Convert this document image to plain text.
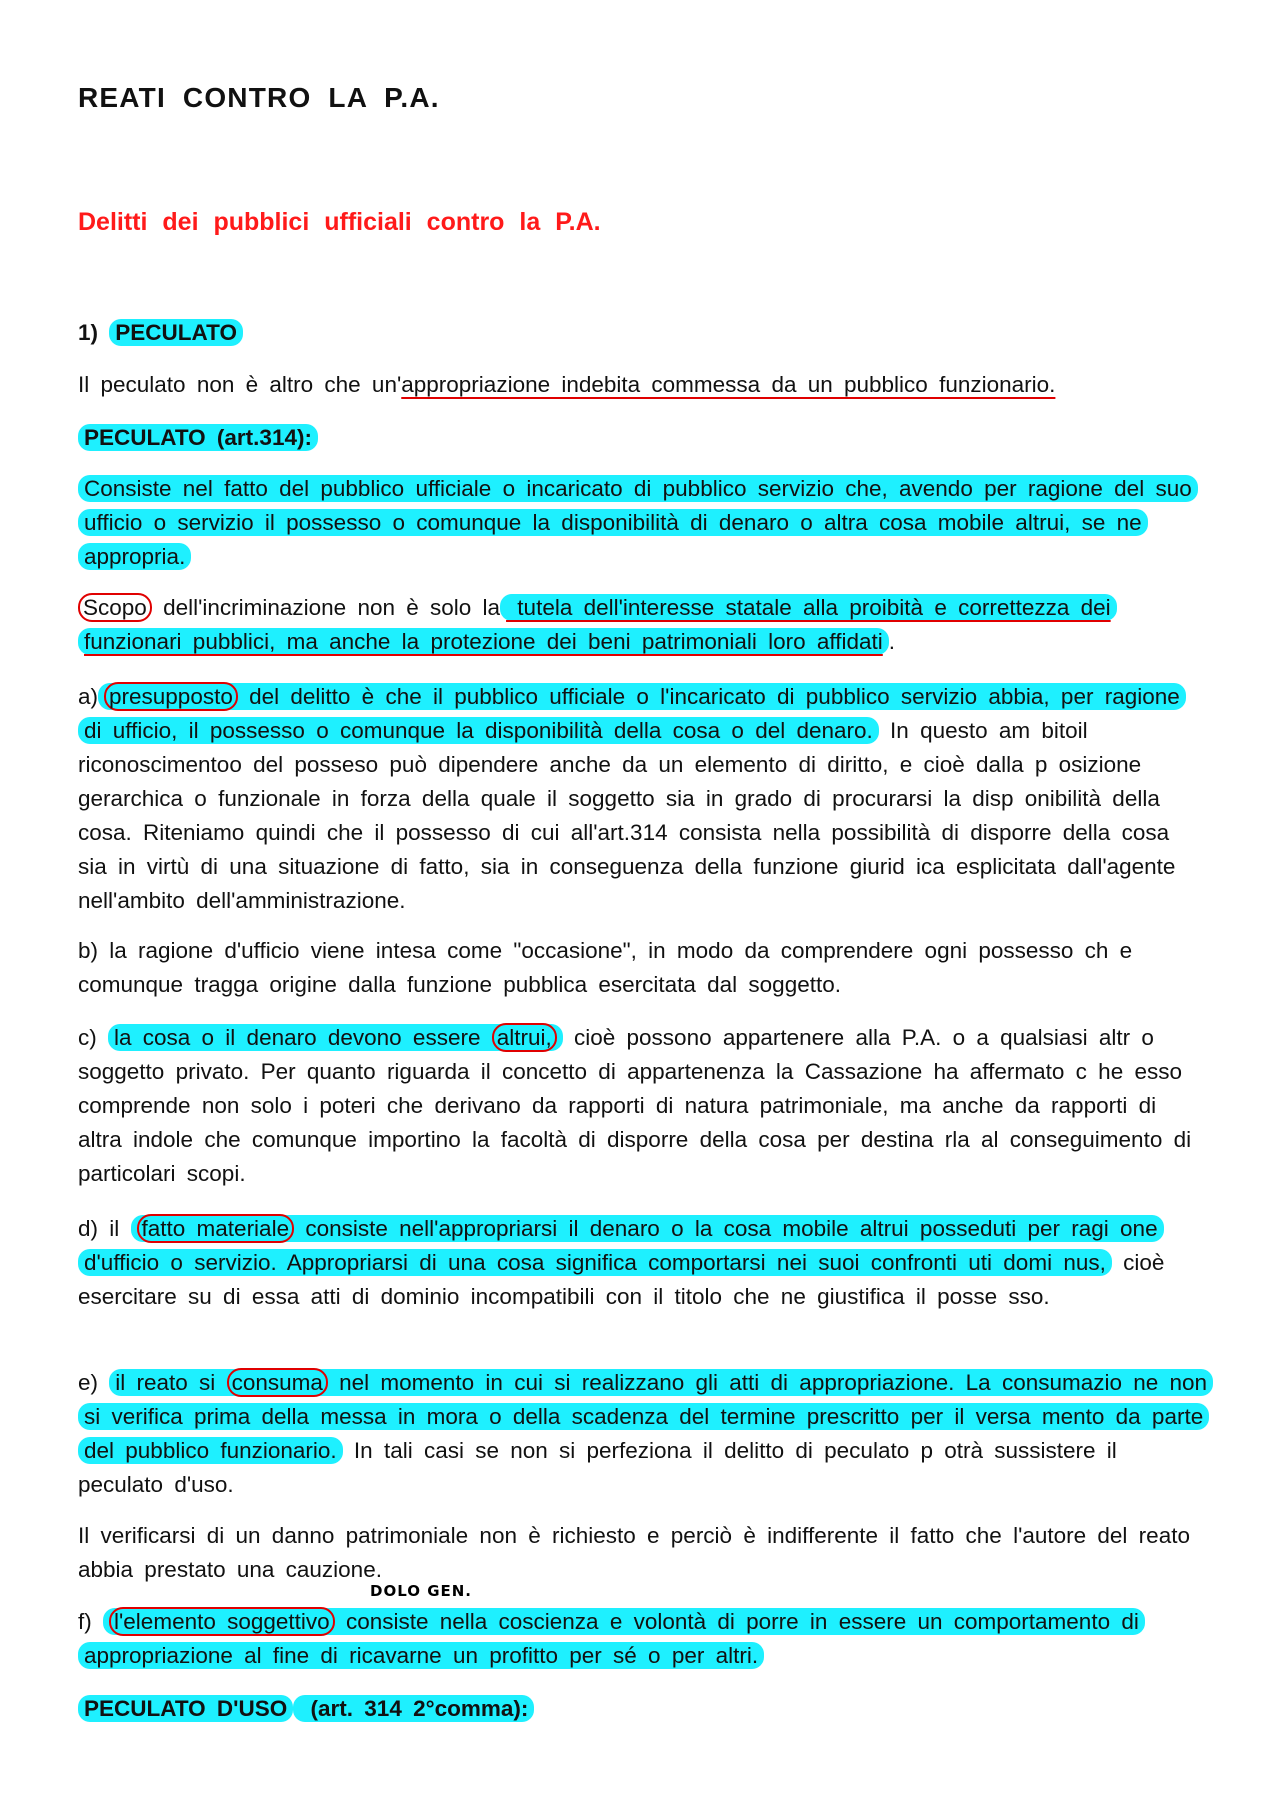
REATI CONTRO LA P.A.
Delitti dei pubblici ufficiali contro la P.A.
1) PECULATO
Il peculato non è altro che un'appropriazione indebita commessa da un pubblico funzionario.
PECULATO (art.314):
Consiste nel fatto del pubblico ufficiale o incaricato di pubblico servizio che, avendo per ragione del suo ufficio o servizio il possesso o comunque la disponibilità di denaro o altra cosa mobile altrui, se ne appropria.
Scopo dell'incriminazione non è solo la tutela dell'interesse statale alla proibità e correttezza dei funzionari pubblici, ma anche la protezione dei beni patrimoniali loro affidati .
a) presupposto del delitto è che il pubblico ufficiale o l'incaricato di pubblico servizio abbia, per ragione di ufficio, il possesso o comunque la disponibilità della cosa o del denaro. In questo am bitoil riconoscimentoo del posseso può dipendere anche da un elemento di diritto, e cioè dalla p osizione gerarchica o funzionale in forza della quale il soggetto sia in grado di procurarsi la disp onibilità della cosa. Riteniamo quindi che il possesso di cui all'art.314 consista nella possibilità di disporre della cosa sia in virtù di una situazione di fatto, sia in conseguenza della funzione giurid ica esplicitata dall'agente nell'ambito dell'amministrazione.
b) la ragione d'ufficio viene intesa come "occasione", in modo da comprendere ogni possesso ch e comunque tragga origine dalla funzione pubblica esercitata dal soggetto.
c) la cosa o il denaro devono essere altrui, cioè possono appartenere alla P.A. o a qualsiasi altr o soggetto privato. Per quanto riguarda il concetto di appartenenza la Cassazione ha affermato c he esso comprende non solo i poteri che derivano da rapporti di natura patrimoniale, ma anche da rapporti di altra indole che comunque importino la facoltà di disporre della cosa per destina rla al conseguimento di particolari scopi.
d) il fatto materiale consiste nell'appropriarsi il denaro o la cosa mobile altrui posseduti per ragi one d'ufficio o servizio. Appropriarsi di una cosa significa comportarsi nei suoi confronti uti domi nus, cioè esercitare su di essa atti di dominio incompatibili con il titolo che ne giustifica il posse sso.
e) il reato si consuma nel momento in cui si realizzano gli atti di appropriazione. La consumazio ne non si verifica prima della messa in mora o della scadenza del termine prescritto per il versa mento da parte del pubblico funzionario. In tali casi se non si perfeziona il delitto di peculato p otrà sussistere il peculato d'uso.
Il verificarsi di un danno patrimoniale non è richiesto e perciò è indifferente il fatto che l'autore del reato abbia prestato una cauzione.
DOLO GEN.
f) l'elemento soggettivo consiste nella coscienza e volontà di porre in essere un comportamento di appropriazione al fine di ricavarne un profitto per sé o per altri.
PECULATO D'USO (art. 314 2°comma):
